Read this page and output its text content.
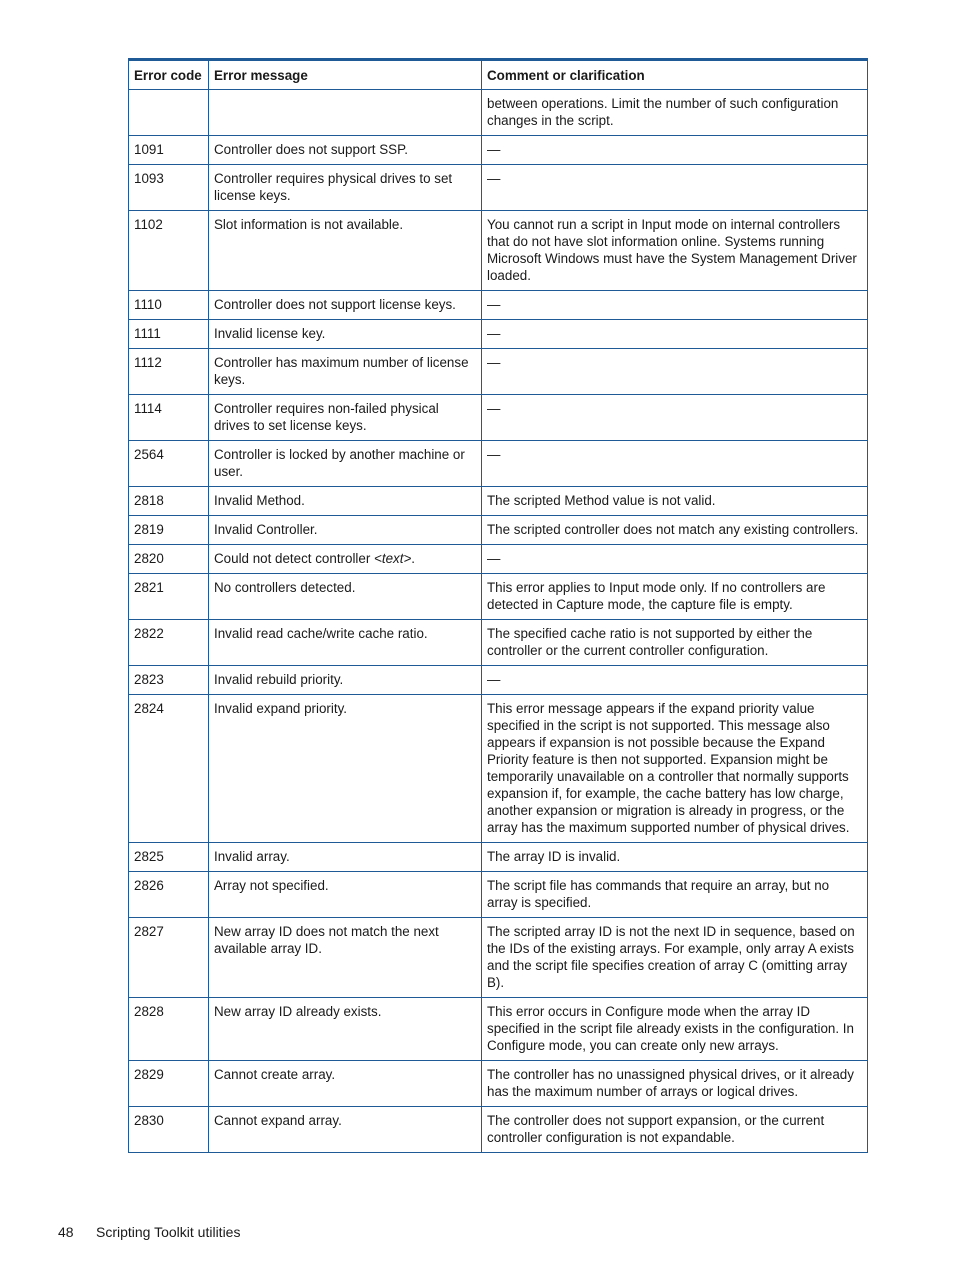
Error code	Error message	Comment or clarification
		between operations. Limit the number of such configuration changes in the script.
1091	Controller does not support SSP.	—
1093	Controller requires physical drives to set license keys.	—
1102	Slot information is not available.	You cannot run a script in Input mode on internal controllers that do not have slot information online. Systems running Microsoft Windows must have the System Management Driver loaded.
1110	Controller does not support license keys.	—
1111	Invalid license key.	—
1112	Controller has maximum number of license keys.	—
1114	Controller requires non-failed physical drives to set license keys.	—
2564	Controller is locked by another machine or user.	—
2818	Invalid Method.	The scripted Method value is not valid.
2819	Invalid Controller.	The scripted controller does not match any existing controllers.
2820	Could not detect controller <text>.	—
2821	No controllers detected.	This error applies to Input mode only. If no controllers are detected in Capture mode, the capture file is empty.
2822	Invalid read cache/write cache ratio.	The specified cache ratio is not supported by either the controller or the current controller configuration.
2823	Invalid rebuild priority.	—
2824	Invalid expand priority.	This error message appears if the expand priority value specified in the script is not supported. This message also appears if expansion is not possible because the Expand Priority feature is then not supported. Expansion might be temporarily unavailable on a controller that normally supports expansion if, for example, the cache battery has low charge, another expansion or migration is already in progress, or the array has the maximum supported number of physical drives.
2825	Invalid array.	The array ID is invalid.
2826	Array not specified.	The script file has commands that require an array, but no array is specified.
2827	New array ID does not match the next available array ID.	The scripted array ID is not the next ID in sequence, based on the IDs of the existing arrays. For example, only array A exists and the script file specifies creation of array C (omitting array B).
2828	New array ID already exists.	This error occurs in Configure mode when the array ID specified in the script file already exists in the configuration. In Configure mode, you can create only new arrays.
2829	Cannot create array.	The controller has no unassigned physical drives, or it already has the maximum number of arrays or logical drives.
2830	Cannot expand array.	The controller does not support expansion, or the current controller configuration is not expandable.
48 Scripting Toolkit utilities
